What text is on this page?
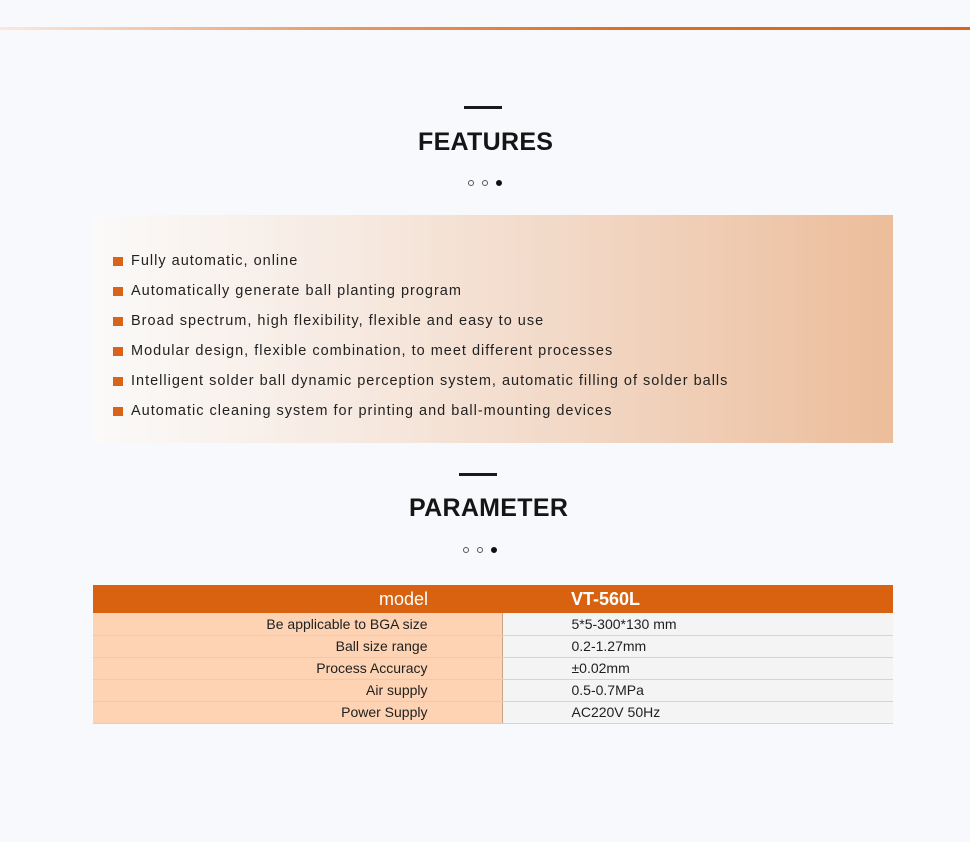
FEATURES
Fully automatic, online
Automatically generate ball planting program
Broad spectrum, high flexibility, flexible and easy to use
Modular design, flexible combination, to meet different processes
Intelligent solder ball dynamic perception system, automatic filling of solder balls
Automatic cleaning system for printing and ball-mounting devices
PARAMETER
model	VT-560L
Be applicable to BGA size	5*5-300*130 mm
Ball size range	0.2-1.27mm
Process Accuracy	±0.02mm
Air supply	0.5-0.7MPa
Power Supply	AC220V 50Hz
